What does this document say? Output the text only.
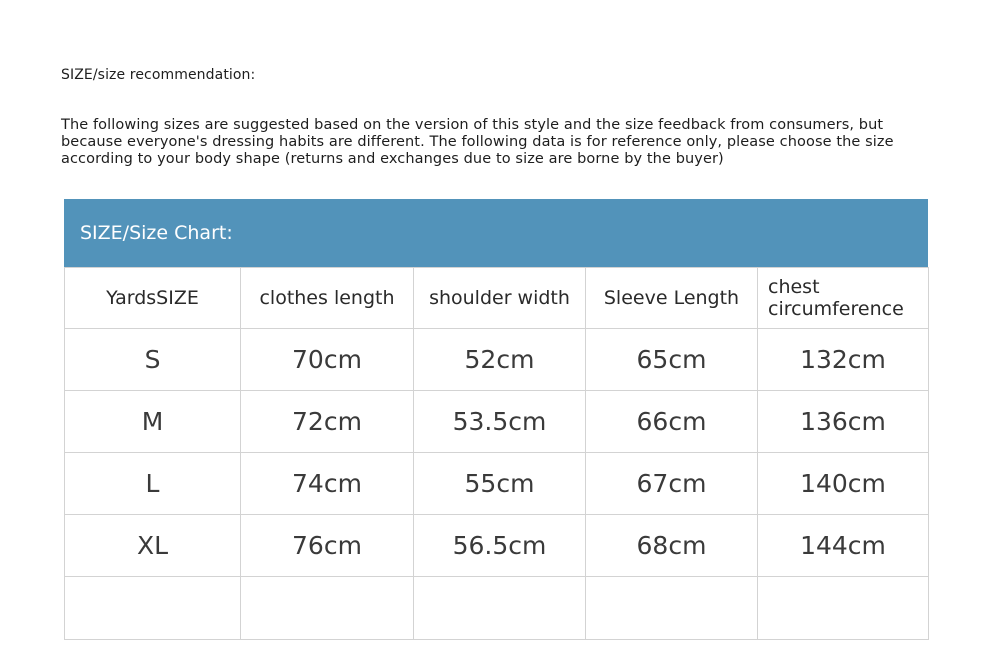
SIZE/size recommendation:
The following sizes are suggested based on the version of this style and the size feedback from consumers, but because everyone's dressing habits are different. The following data is for reference only, please choose the size according to your body shape (returns and exchanges due to size are borne by the buyer)
SIZE/Size Chart:
YardsSIZE	clothes length	shoulder width	Sleeve Length	chest circumference
S	70cm	52cm	65cm	132cm
M	72cm	53.5cm	66cm	136cm
L	74cm	55cm	67cm	140cm
XL	76cm	56.5cm	68cm	144cm
